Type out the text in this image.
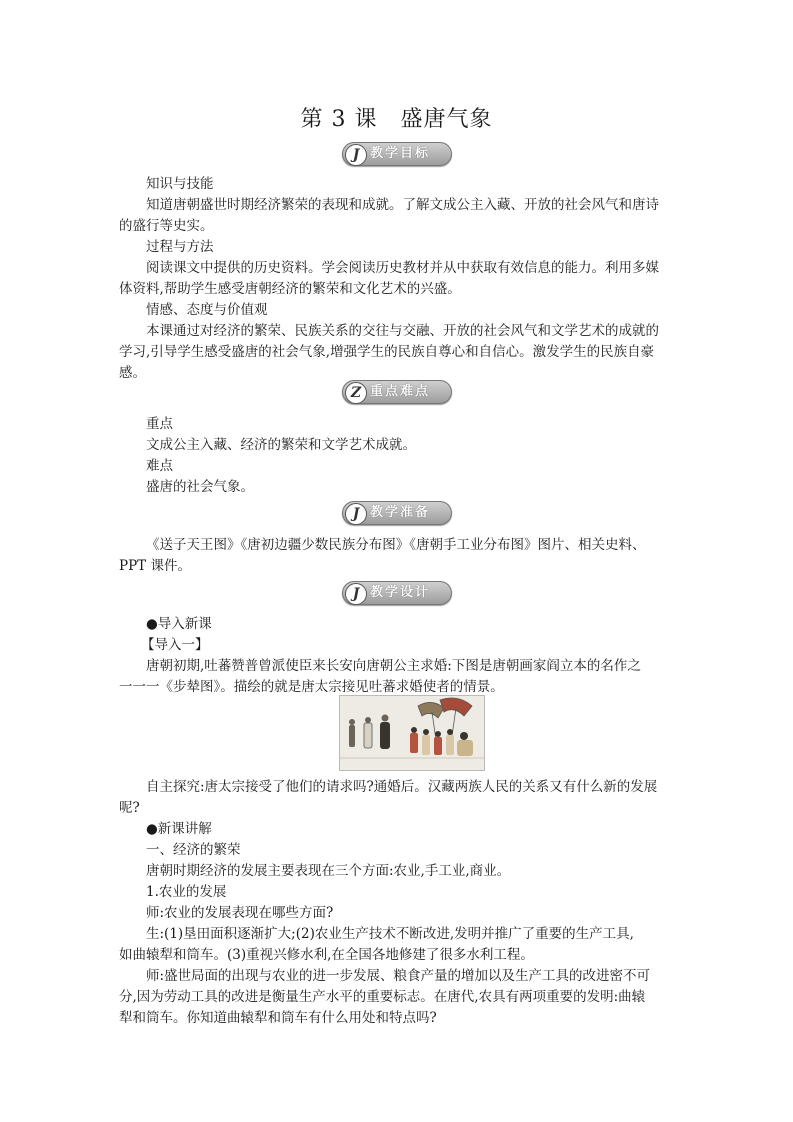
第 3 课　盛唐气象
J 教学目标
知识与技能
知道唐朝盛世时期经济繁荣的表现和成就。了解文成公主入藏、开放的社会风气和唐诗
的盛行等史实。
过程与方法
阅读课文中提供的历史资料。学会阅读历史教材并从中获取有效信息的能力。利用多媒
体资料,帮助学生感受唐朝经济的繁荣和文化艺术的兴盛。
情感、态度与价值观
本课通过对经济的繁荣、民族关系的交往与交融、开放的社会风气和文学艺术的成就的
学习,引导学生感受盛唐的社会气象,增强学生的民族自尊心和自信心。激发学生的民族自豪
感。
Z 重点难点
重点
文成公主入藏、经济的繁荣和文学艺术成就。
难点
盛唐的社会气象。
J 教学准备
《送子天王图》《唐初边疆少数民族分布图》《唐朝手工业分布图》图片、相关史料、
PPT 课件。
J 教学设计
●导入新课
【导入一】
唐朝初期,吐蕃赞普曾派使臣来长安向唐朝公主求婚:下图是唐朝画家阎立本的名作之
一一一《步辇图》。描绘的就是唐太宗接见吐蕃求婚使者的情景。
自主探究:唐太宗接受了他们的请求吗?通婚后。汉藏两族人民的关系又有什么新的发展
呢?
●新课讲解
一、经济的繁荣
唐朝时期经济的发展主要表现在三个方面:农业,手工业,商业。
1.农业的发展
师:农业的发展表现在哪些方面?
生:(1)垦田面积逐渐扩大;(2)农业生产技术不断改进,发明并推广了重要的生产工具,
如曲辕犁和筒车。(3)重视兴修水利,在全国各地修建了很多水利工程。
师:盛世局面的出现与农业的进一步发展、粮食产量的增加以及生产工具的改进密不可
分,因为劳动工具的改进是衡量生产水平的重要标志。在唐代,农具有两项重要的发明:曲辕
犁和筒车。你知道曲辕犁和筒车有什么用处和特点吗?
